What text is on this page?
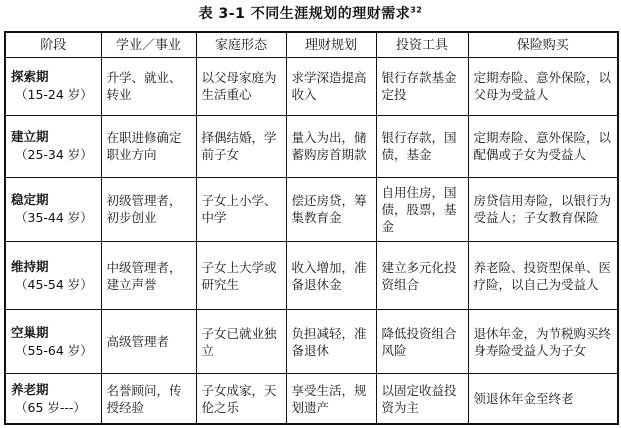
表 3-1 不同生涯规划的理财需求$^{32}$
阶段	学业／事业	家庭形态	理财规划	投资工具	保险购买

探索期
（15-24 岁）	升学、就业、转业	以父母家庭为生活重心	求学深造提高收入	银行存款基金定投	定期寿险、意外保险，以父母为受益人

建立期
（25-34 岁）	在职进修确定职业方向	择偶结婚，学前子女	量入为出，储蓄购房首期款	银行存款，国债，基金	定期寿险、意外保险，以配偶或子女为受益人

稳定期
（35-44 岁）	初级管理者，初步创业	子女上小学、中学	偿还房贷，筹集教育金	自用住房，国债，股票，基金	房贷信用寿险，以银行为受益人；子女教育保险

维持期
（45-54 岁）	中级管理者，建立声誉	子女上大学或研究生	收入增加，准备退休金	建立多元化投资组合	养老险、投资型保单、医疗险，以自己为受益人

空巢期
（55-64 岁）	高级管理者	子女已就业独立	负担减轻，准备退休	降低投资组合风险	退休年金，为节税购买终身寿险受益人为子女

养老期
（65 岁---）	名誉顾问，传授经验	子女成家，天伦之乐	享受生活，规划遗产	以固定收益投资为主	领退休年金至终老
